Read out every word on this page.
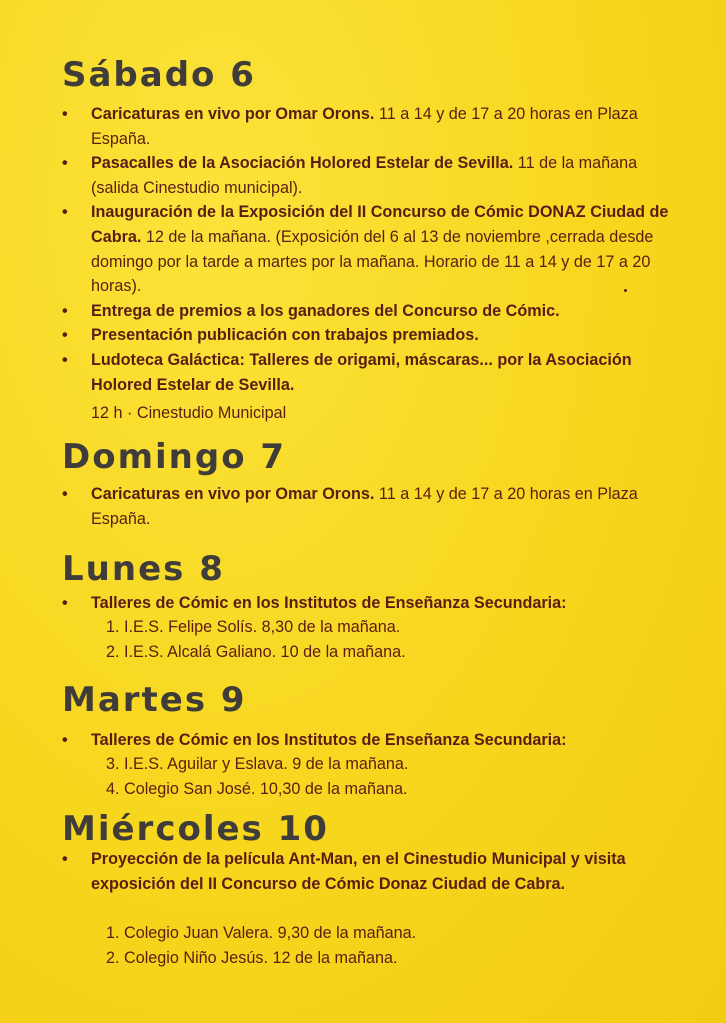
Sábado 6
• Caricaturas en vivo por Omar Orons. 11 a 14 y de 17 a 20 horas en Plaza España.
• Pasacalles de la Asociación Holored Estelar de Sevilla. 11 de la mañana (salida Cinestudio municipal).
• Inauguración de la Exposición del II Concurso de Cómic DONAZ Ciudad de Cabra. 12 de la mañana. (Exposición del 6 al 13 de noviembre ,cerrada desde domingo por la tarde a martes por la mañana. Horario de 11 a 14 y de 17 a 20 horas).
• Entrega de premios a los ganadores del Concurso de Cómic.
• Presentación publicación con trabajos premiados.
• Ludoteca Galáctica: Talleres de origami, máscaras... por la Asociación Holored Estelar de Sevilla.
12 h · Cinestudio Municipal
Domingo 7
• Caricaturas en vivo por Omar Orons. 11 a 14 y de 17 a 20 horas en Plaza España.
Lunes 8
• Talleres de Cómic en los Institutos de Enseñanza Secundaria:
1. I.E.S. Felipe Solís. 8,30 de la mañana.
2. I.E.S. Alcalá Galiano. 10 de la mañana.
Martes 9
• Talleres de Cómic en los Institutos de Enseñanza Secundaria:
3. I.E.S. Aguilar y Eslava. 9 de la mañana.
4. Colegio San José. 10,30 de la mañana.
Miércoles 10
• Proyección de la película Ant-Man, en el Cinestudio Municipal y visita exposición del II Concurso de Cómic Donaz Ciudad de Cabra.
1. Colegio Juan Valera. 9,30 de la mañana.
2. Colegio Niño Jesús. 12 de la mañana.
